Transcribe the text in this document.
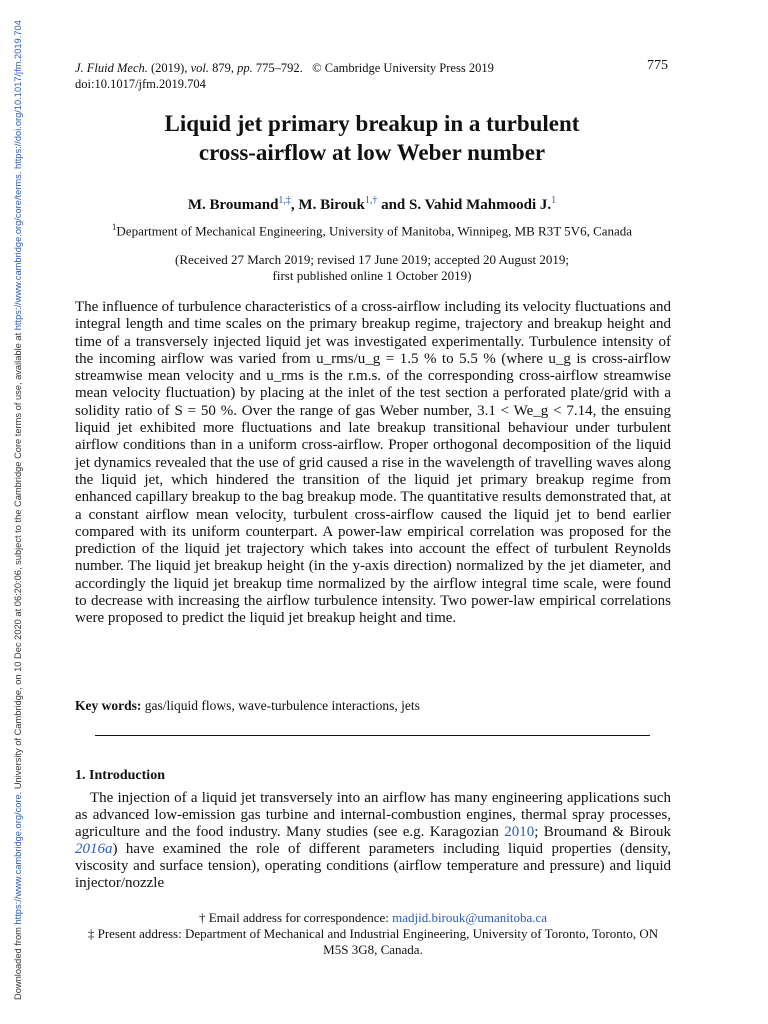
Downloaded from https://www.cambridge.org/core. University of Cambridge, on 10 Dec 2020 at 06:20:06, subject to the Cambridge Core terms of use, available at https://www.cambridge.org/core/terms. https://doi.org/10.1017/jfm.2019.704	J. Fluid Mech. (2019), vol. 879, pp. 775–792. © Cambridge University Press 2019
doi:10.1017/jfm.2019.704
775
Liquid jet primary breakup in a turbulent
cross-airflow at low Weber number
M. Broumand$^{1,\ddagger}$, M. Birouk$^{1,\dagger}$ and S. Vahid Mahmoodi J.$^1$
$^1$Department of Mechanical Engineering, University of Manitoba, Winnipeg, MB R3T 5V6, Canada
(Received 27 March 2019; revised 17 June 2019; accepted 20 August 2019;
first published online 1 October 2019)
The influence of turbulence characteristics of a cross-airflow including its velocity fluctuations and integral length and time scales on the primary breakup regime, trajectory and breakup height and time of a transversely injected liquid jet was investigated experimentally. Turbulence intensity of the incoming airflow was varied from u_rms/u_g = 1.5 % to 5.5 % (where u_g is cross-airflow streamwise mean velocity and u_rms is the r.m.s. of the corresponding cross-airflow streamwise mean velocity fluctuation) by placing at the inlet of the test section a perforated plate/grid with a solidity ratio of S = 50 %. Over the range of gas Weber number, 3.1 < We_g < 7.14, the ensuing liquid jet exhibited more fluctuations and late breakup transitional behaviour under turbulent airflow conditions than in a uniform cross-airflow. Proper orthogonal decomposition of the liquid jet dynamics revealed that the use of grid caused a rise in the wavelength of travelling waves along the liquid jet, which hindered the transition of the liquid jet primary breakup regime from enhanced capillary breakup to the bag breakup mode. The quantitative results demonstrated that, at a constant airflow mean velocity, turbulent cross-airflow caused the liquid jet to bend earlier compared with its uniform counterpart. A power-law empirical correlation was proposed for the prediction of the liquid jet trajectory which takes into account the effect of turbulent Reynolds number. The liquid jet breakup height (in the y-axis direction) normalized by the jet diameter, and accordingly the liquid jet breakup time normalized by the airflow integral time scale, were found to decrease with increasing the airflow turbulence intensity. Two power-law empirical correlations were proposed to predict the liquid jet breakup height and time.
Key words: gas/liquid flows, wave-turbulence interactions, jets
1. Introduction
The injection of a liquid jet transversely into an airflow has many engineering applications such as advanced low-emission gas turbine and internal-combustion engines, thermal spray processes, agriculture and the food industry. Many studies (see e.g. Karagozian 2010; Broumand & Birouk 2016a) have examined the role of different parameters including liquid properties (density, viscosity and surface tension), operating conditions (airflow temperature and pressure) and liquid injector/nozzle
† Email address for correspondence: madjid.birouk@umanitoba.ca
‡ Present address: Department of Mechanical and Industrial Engineering, University of Toronto, Toronto, ON M5S 3G8, Canada.
